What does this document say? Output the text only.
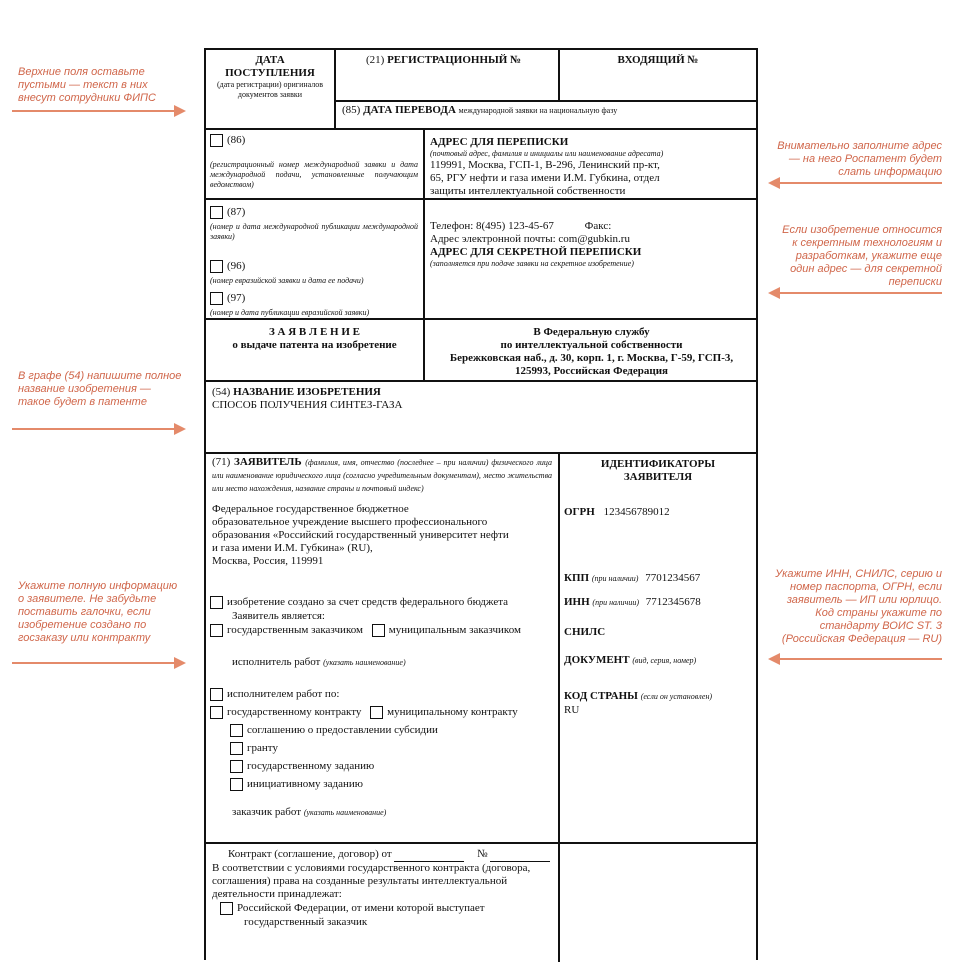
Верхние поля оставьте пустыми — текст в них внесут сотрудники ФИПС
Внимательно заполните адрес — на него Роспатент будет слать информацию
Если изобретение относится к секретным технологиям и разработкам, укажите еще один адрес — для секретной переписки
В графе (54) напишите полное название изобретения — такое будет в патенте
Укажите полную информацию о заявителе. Не забудьте поставить галочки, если изобретение создано по госзаказу или контракту
Укажите ИНН, СНИЛС, серию и номер паспорта, ОГРН, если заявитель — ИП или юрлицо. Код страны укажите по стандарту ВОИС ST. 3 (Российская Федерация — RU)
ДАТА ПОСТУПЛЕНИЯ
(дата регистрации) оригиналов документов заявки
(21) РЕГИСТРАЦИОННЫЙ №	ВХОДЯЩИЙ №
(85) ДАТА ПЕРЕВОДА международной заявки на национальную фазу
(86)
(регистрационный номер международной заявки и дата международной подачи, установленные получающим ведомством)
АДРЕС ДЛЯ ПЕРЕПИСКИ
(почтовый адрес, фамилия и инициалы или наименование адресата)
119991, Москва, ГСП-1, В-296, Ленинский пр-кт,
65, РГУ нефти и газа имени И.М. Губкина, отдел
защиты интеллектуальной собственности
(87)
(номер и дата международной публикации международной заявки)
(96)
(номер евразийской заявки и дата ее подачи)
(97)
(номер и дата публикации евразийской заявки)
Телефон: 8(495) 123-45-67	Факс:
Адрес электронной почты: com@gubkin.ru
АДРЕС ДЛЯ СЕКРЕТНОЙ ПЕРЕПИСКИ
(заполняется при подаче заявки на секретное изобретение)
З А Я В Л Е Н И Е
о выдаче патента на изобретение
В Федеральную службу
по интеллектуальной собственности
Бережковская наб., д. 30, корп. 1, г. Москва, Г-59, ГСП-3,
125993, Российская Федерация
(54) НАЗВАНИЕ ИЗОБРЕТЕНИЯ
СПОСОБ ПОЛУЧЕНИЯ СИНТЕЗ-ГАЗА
(71) ЗАЯВИТЕЛЬ (фамилия, имя, отчество (последнее – при наличии) физического лица или наименование юридического лица (согласно учредительным документам), место жительства или место нахождения, название страны и почтовый индекс)
Федеральное государственное бюджетное
образовательное учреждение высшего профессионального
образования «Российский государственный университет нефти
и газа имени И.М. Губкина» (RU),
Москва, Россия, 119991
изобретение создано за счет средств федерального бюджета
Заявитель является:
государственным заказчиком муниципальным заказчиком
исполнитель работ (указать наименование)
исполнителем работ по:
государственному контракту муниципальному контракту
соглашению о предоставлении субсидии
гранту
государственному заданию
инициативному заданию
заказчик работ (указать наименование)
Контракт (соглашение, договор) от	№
В соответствии с условиями государственного контракта (договора,
соглашения) права на созданные результаты интеллектуальной
деятельности принадлежат:
Российской Федерации, от имени которой выступает
государственный заказчик
ИДЕНТИФИКАТОРЫ ЗАЯВИТЕЛЯ
ОГРН 123456789012
КПП (при наличии) 7701234567
ИНН (при наличии) 7712345678
СНИЛС
ДОКУМЕНТ (вид, серия, номер)
КОД СТРАНЫ (если он установлен)
RU
